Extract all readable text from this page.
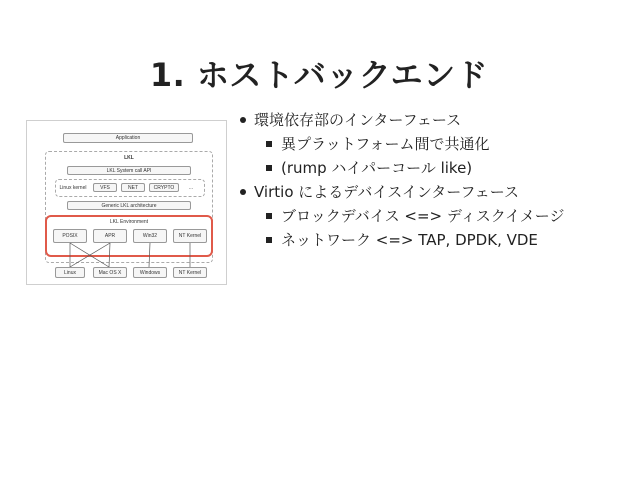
1. ホストバックエンド
Application
LKL
LKL System call API
Linux kernel	VFS	NET	CRYPTO	...
Generic LKL architecture
LKL Environment
POSIX	APR	Win32	NT Kernel
Linux	Mac OS X	Windows	NT Kernel
環境依存部のインターフェース
異プラットフォーム間で共通化
(rump ハイパーコール like)
Virtio によるデバイスインターフェース
ブロックデバイス <=> ディスクイメージ
ネットワーク <=> TAP, DPDK, VDE
